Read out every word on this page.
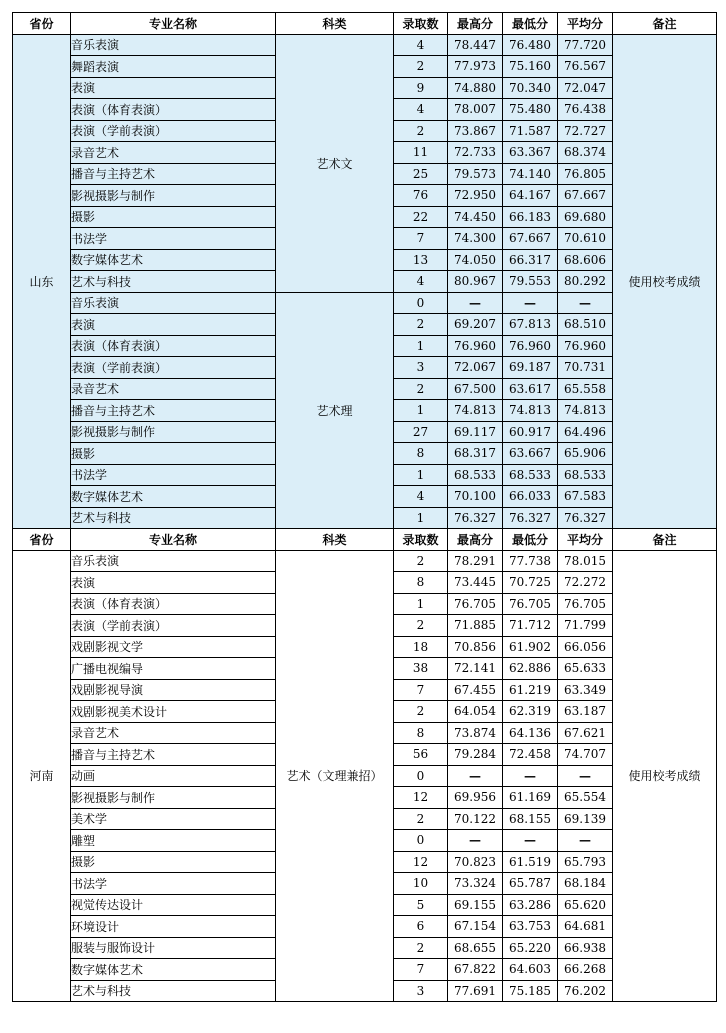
省份	专业名称	科类	录取数	最高分	最低分	平均分	备注
山东	音乐表演	艺术文	4	78.447	76.480	77.720	使用校考成绩
	舞蹈表演		2	77.973	75.160	76.567	
	表演		9	74.880	70.340	72.047	
	表演（体育表演）		4	78.007	75.480	76.438	
	表演（学前表演）		2	73.867	71.587	72.727	
	录音艺术		11	72.733	63.367	68.374	
	播音与主持艺术		25	79.573	74.140	76.805	
	影视摄影与制作		76	72.950	64.167	67.667	
	摄影		22	74.450	66.183	69.680	
	书法学		7	74.300	67.667	70.610	
	数字媒体艺术		13	74.050	66.317	68.606	
	艺术与科技		4	80.967	79.553	80.292	
	音乐表演	艺术理	0	—	—	—	
	表演		2	69.207	67.813	68.510	
	表演（体育表演）		1	76.960	76.960	76.960	
	表演（学前表演）		3	72.067	69.187	70.731	
	录音艺术		2	67.500	63.617	65.558	
	播音与主持艺术		1	74.813	74.813	74.813	
	影视摄影与制作		27	69.117	60.917	64.496	
	摄影		8	68.317	63.667	65.906	
	书法学		1	68.533	68.533	68.533	
	数字媒体艺术		4	70.100	66.033	67.583	
	艺术与科技		1	76.327	76.327	76.327	
省份	专业名称	科类	录取数	最高分	最低分	平均分	备注
河南	音乐表演	艺术（文理兼招）	2	78.291	77.738	78.015	使用校考成绩
	表演		8	73.445	70.725	72.272	
	表演（体育表演）		1	76.705	76.705	76.705	
	表演（学前表演）		2	71.885	71.712	71.799	
	戏剧影视文学		18	70.856	61.902	66.056	
	广播电视编导		38	72.141	62.886	65.633	
	戏剧影视导演		7	67.455	61.219	63.349	
	戏剧影视美术设计		2	64.054	62.319	63.187	
	录音艺术		8	73.874	64.136	67.621	
	播音与主持艺术		56	79.284	72.458	74.707	
	动画		0	—	—	—	
	影视摄影与制作		12	69.956	61.169	65.554	
	美术学		2	70.122	68.155	69.139	
	雕塑		0	—	—	—	
	摄影		12	70.823	61.519	65.793	
	书法学		10	73.324	65.787	68.184	
	视觉传达设计		5	69.155	63.286	65.620	
	环境设计		6	67.154	63.753	64.681	
	服装与服饰设计		2	68.655	65.220	66.938	
	数字媒体艺术		7	67.822	64.603	66.268	
	艺术与科技		3	77.691	75.185	76.202	
